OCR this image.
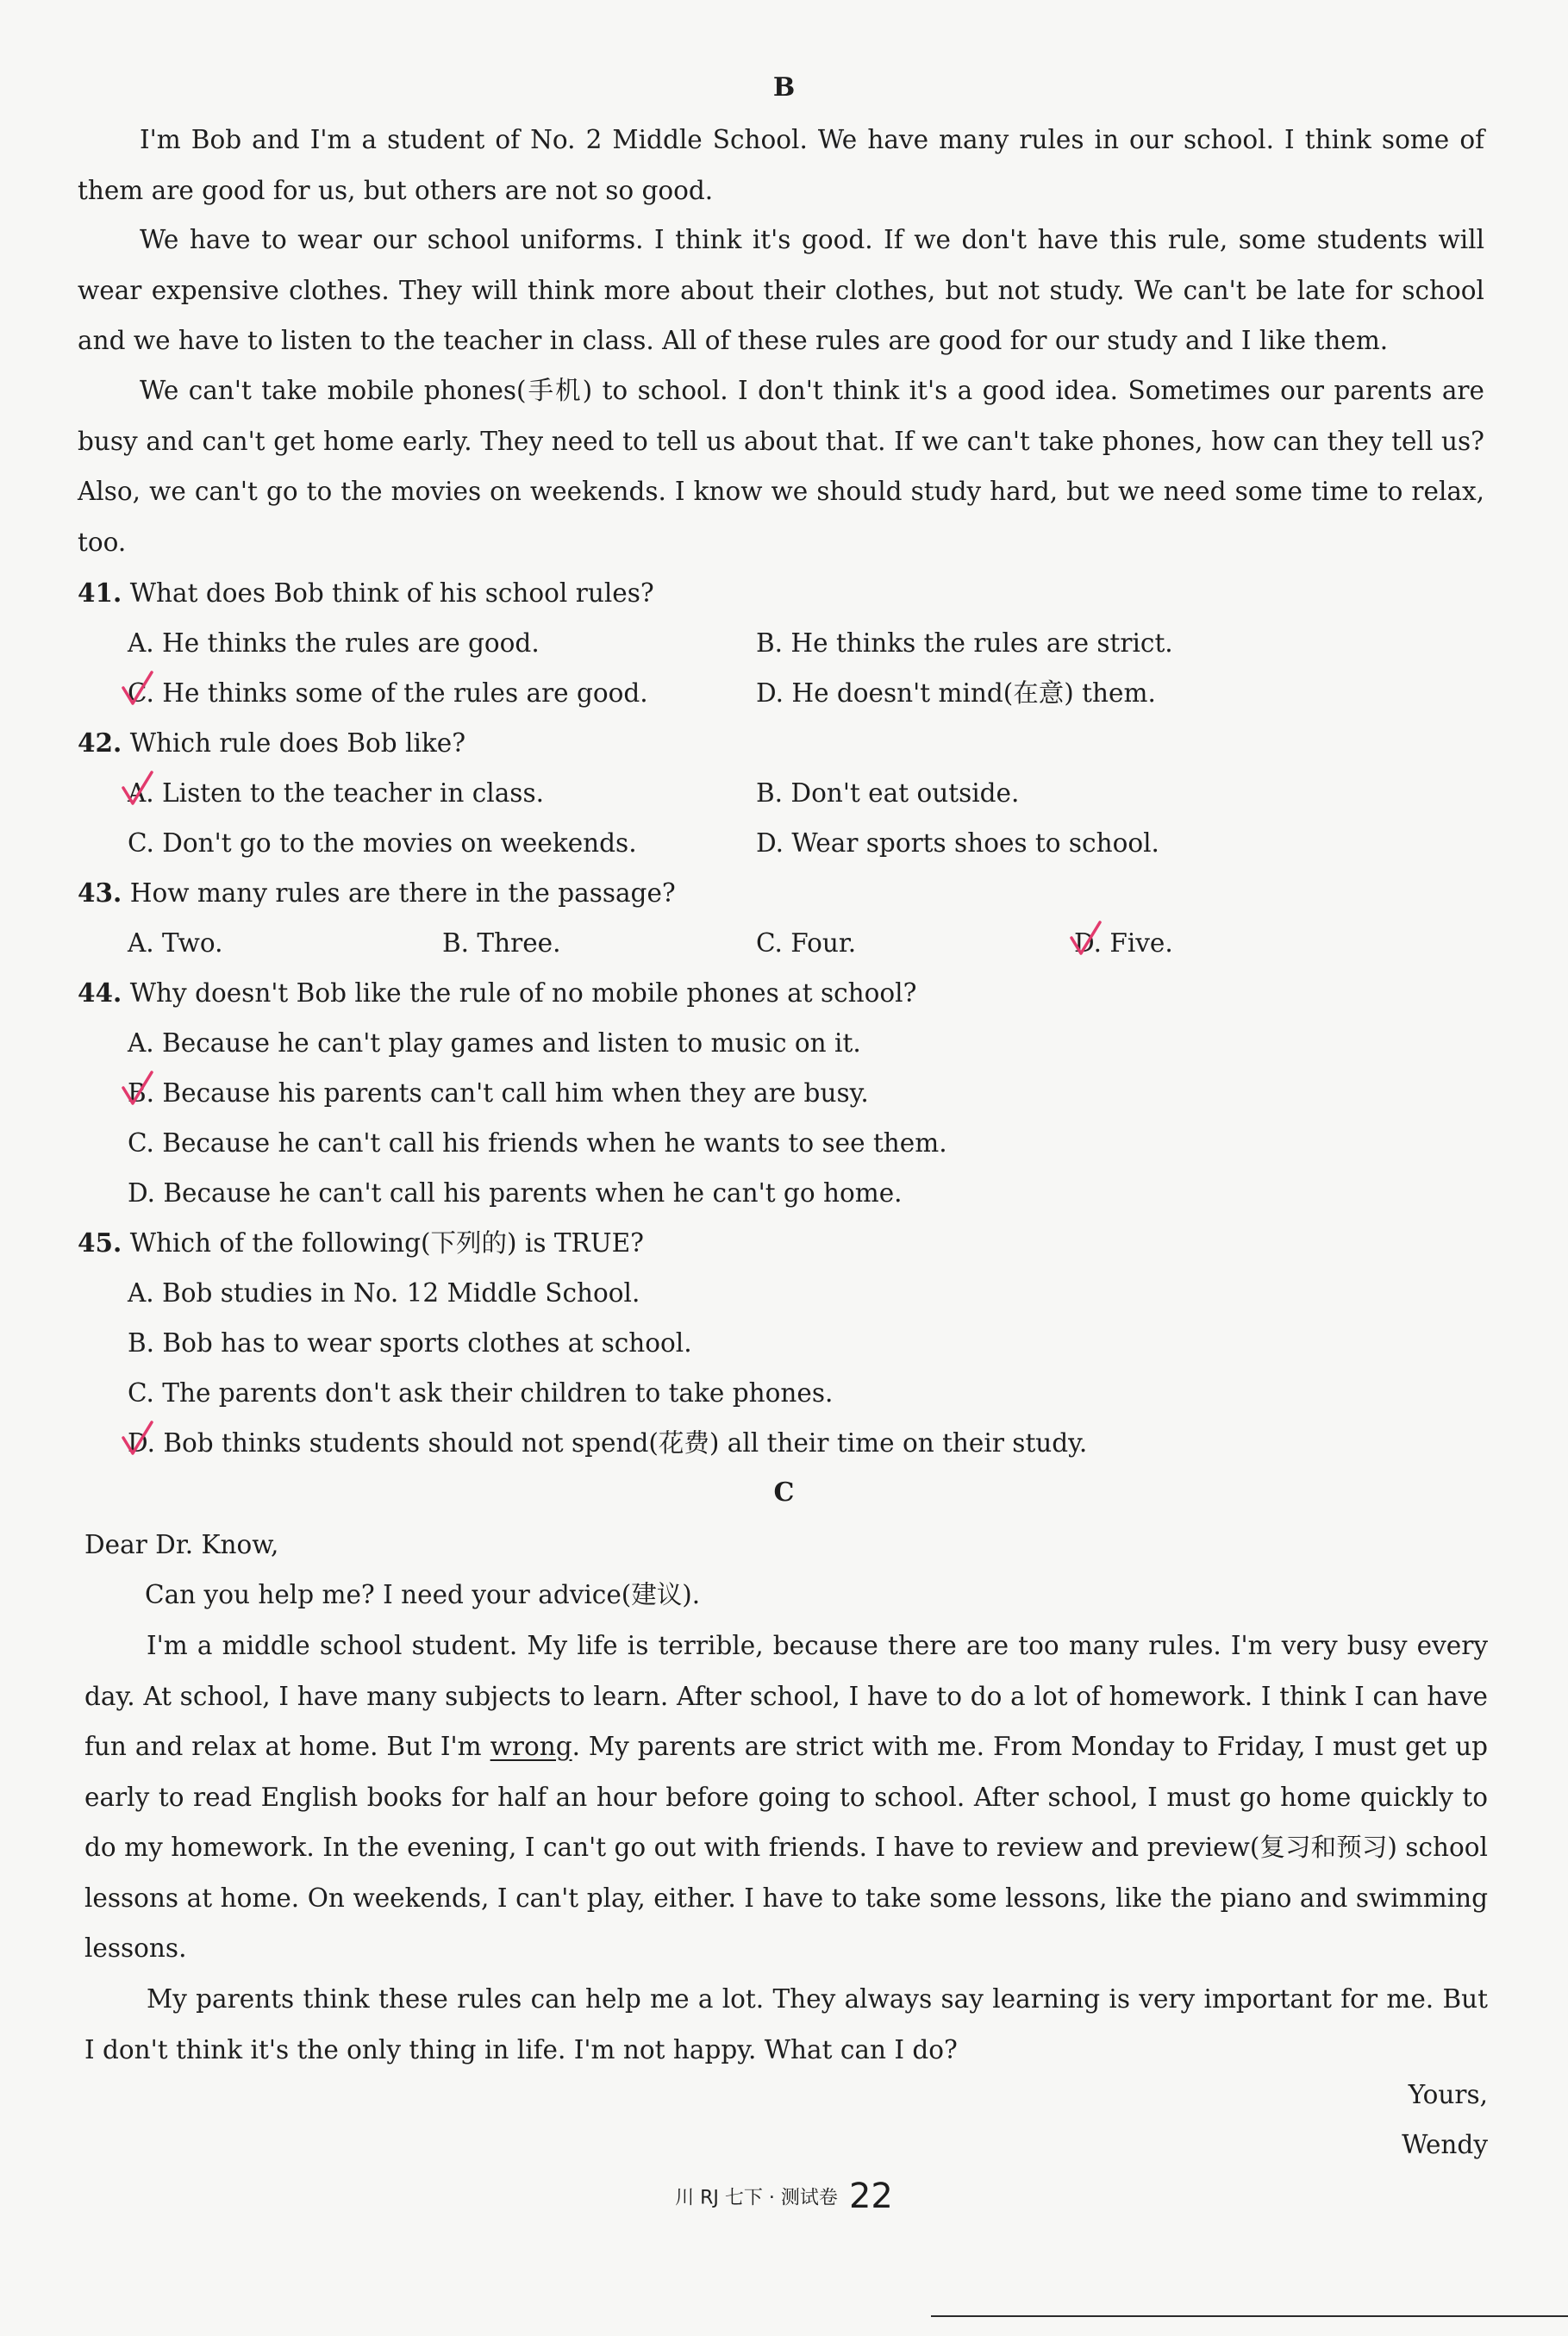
B

I'm Bob and I'm a student of No. 2 Middle School. We have many rules in our school. I think some of them are good for us, but others are not so good.

We have to wear our school uniforms. I think it's good. If we don't have this rule, some students will wear expensive clothes. They will think more about their clothes, but not study. We can't be late for school and we have to listen to the teacher in class. All of these rules are good for our study and I like them.

We can't take mobile phones(手机) to school. I don't think it's a good idea. Sometimes our parents are busy and can't get home early. They need to tell us about that. If we can't take phones, how can they tell us? Also, we can't go to the movies on weekends. I know we should study hard, but we need some time to relax, too.

41. What does Bob think of his school rules?
A. He thinks the rules are good.	B. He thinks the rules are strict.
C. He thinks some of the rules are good.	D. He doesn't mind(在意) them.
42. Which rule does Bob like?
A. Listen to the teacher in class.	B. Don't eat outside.
C. Don't go to the movies on weekends.	D. Wear sports shoes to school.
43. How many rules are there in the passage?
A. Two.	B. Three.	C. Four.	D. Five.
44. Why doesn't Bob like the rule of no mobile phones at school?
A. Because he can't play games and listen to music on it.
B. Because his parents can't call him when they are busy.
C. Because he can't call his friends when he wants to see them.
D. Because he can't call his parents when he can't go home.
45. Which of the following(下列的) is TRUE?
A. Bob studies in No. 12 Middle School.
B. Bob has to wear sports clothes at school.
C. The parents don't ask their children to take phones.
D. Bob thinks students should not spend(花费) all their time on their study.
C
Dear Dr. Know,
Can you help me? I need your advice(建议).

I'm a middle school student. My life is terrible, because there are too many rules. I'm very busy every day. At school, I have many subjects to learn. After school, I have to do a lot of homework. I think I can have fun and relax at home. But I'm wrong. My parents are strict with me. From Monday to Friday, I must get up early to read English books for half an hour before going to school. After school, I must go home quickly to do my homework. In the evening, I can't go out with friends. I have to review and preview(复习和预习) school lessons at home. On weekends, I can't play, either. I have to take some lessons, like the piano and swimming lessons.

My parents think these rules can help me a lot. They always say learning is very important for me. But I don't think it's the only thing in life. I'm not happy. What can I do?

Yours,
Wendy
川 RJ 七下 · 测试卷 22
